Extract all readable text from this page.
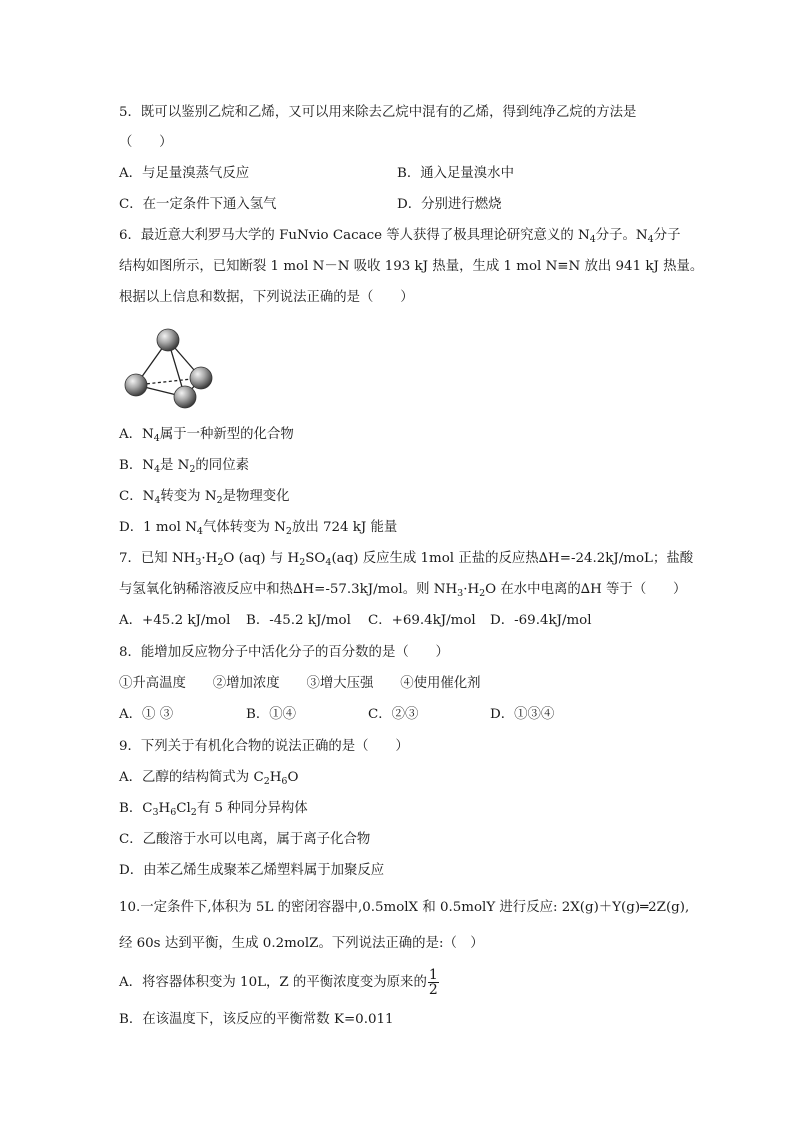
5．既可以鉴别乙烷和乙烯，又可以用来除去乙烷中混有的乙烯，得到纯净乙烷的方法是
（　　）
A．与足量溴蒸气反应	B．通入足量溴水中
C．在一定条件下通入氢气	D．分别进行燃烧
6．最近意大利罗马大学的 FuNvio Cacace 等人获得了极具理论研究意义的 $N_4$分子。$N_4$分子
结构如图所示，已知断裂 1 mol N－N 吸收 193 kJ 热量，生成 1 mol N≡N 放出 941 kJ 热量。
根据以上信息和数据，下列说法正确的是（　　）
A．$N_4$属于一种新型的化合物
B．$N_4$是 $N_2$的同位素
C．$N_4$转变为 $N_2$是物理变化
D．1 mol $N_4$气体转变为 $N_2$放出 724 kJ 能量
7．已知 $NH_3\cdot H_2O$ (aq) 与 $H_2SO_4(aq)$ 反应生成 1mol 正盐的反应热∆H=-24.2kJ/moL；盐酸
与氢氧化钠稀溶液反应中和热∆H=-57.3kJ/mol。则 $NH_3\cdot H_2O$ 在水中电离的∆H 等于（　　）
A．+45.2 kJ/mol B．-45.2 kJ/mol C．+69.4kJ/mol D．-69.4kJ/mol
8．能增加反应物分子中活化分子的百分数的是（　　）
①升高温度　　②增加浓度　　③增大压强　　④使用催化剂
A．① ③	B．①④	C．②③	D．①③④
9．下列关于有机化合物的说法正确的是（　　）
A．乙醇的结构简式为 $C_2H_6O$
B．$C_3H_6Cl_2$有 5 种同分异构体
C．乙酸溶于水可以电离，属于离子化合物
D．由苯乙烯生成聚苯乙烯塑料属于加聚反应
10.一定条件下,体积为 5L 的密闭容器中,0.5molX 和 0.5molY 进行反应: 2X(g)＋Y(g)═2Z(g),
经 60s 达到平衡，生成 0.2molZ。下列说法正确的是:（　）
A．将容器体积变为 10L，Z 的平衡浓度变为原来的 $\frac{1}{2}$
B．在该温度下，该反应的平衡常数 K=0.011
